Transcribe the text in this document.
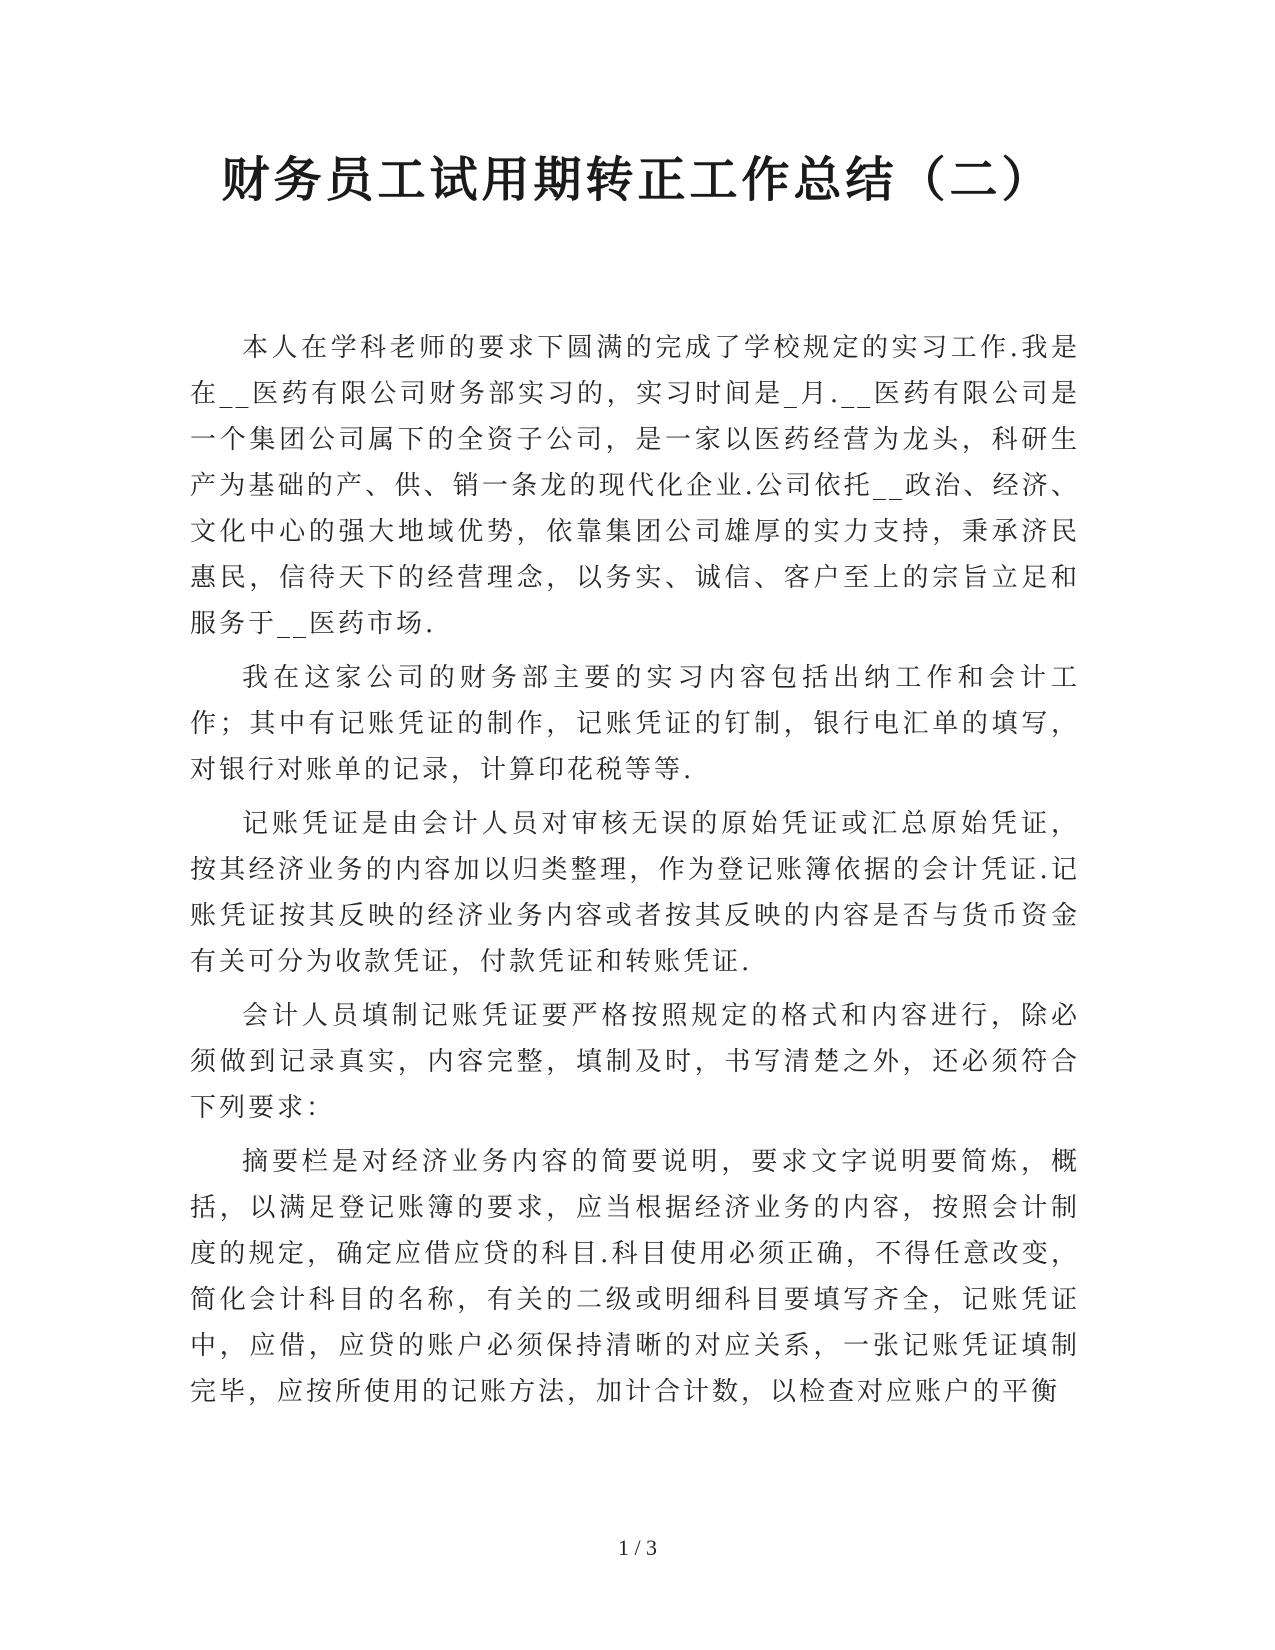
财务员工试用期转正工作总结（二）

本人在学科老师的要求下圆满的完成了学校规定的实习工作.我是在__医药有限公司财务部实习的，实习时间是_月.__医药有限公司是一个集团公司属下的全资子公司，是一家以医药经营为龙头，科研生产为基础的产、供、销一条龙的现代化企业.公司依托__政治、经济、文化中心的强大地域优势，依靠集团公司雄厚的实力支持，秉承济民惠民，信待天下的经营理念，以务实、诚信、客户至上的宗旨立足和服务于__医药市场.

我在这家公司的财务部主要的实习内容包括出纳工作和会计工作；其中有记账凭证的制作，记账凭证的钉制，银行电汇单的填写，对银行对账单的记录，计算印花税等等.

记账凭证是由会计人员对审核无误的原始凭证或汇总原始凭证，按其经济业务的内容加以归类整理，作为登记账簿依据的会计凭证.记账凭证按其反映的经济业务内容或者按其反映的内容是否与货币资金有关可分为收款凭证，付款凭证和转账凭证.

会计人员填制记账凭证要严格按照规定的格式和内容进行，除必须做到记录真实，内容完整，填制及时，书写清楚之外，还必须符合下列要求：

摘要栏是对经济业务内容的简要说明，要求文字说明要简炼，概括，以满足登记账簿的要求，应当根据经济业务的内容，按照会计制度的规定，确定应借应贷的科目.科目使用必须正确，不得任意改变，简化会计科目的名称，有关的二级或明细科目要填写齐全，记账凭证中，应借，应贷的账户必须保持清晰的对应关系，一张记账凭证填制完毕，应按所使用的记账方法，加计合计数，以检查对应账户的平衡

1 / 3
